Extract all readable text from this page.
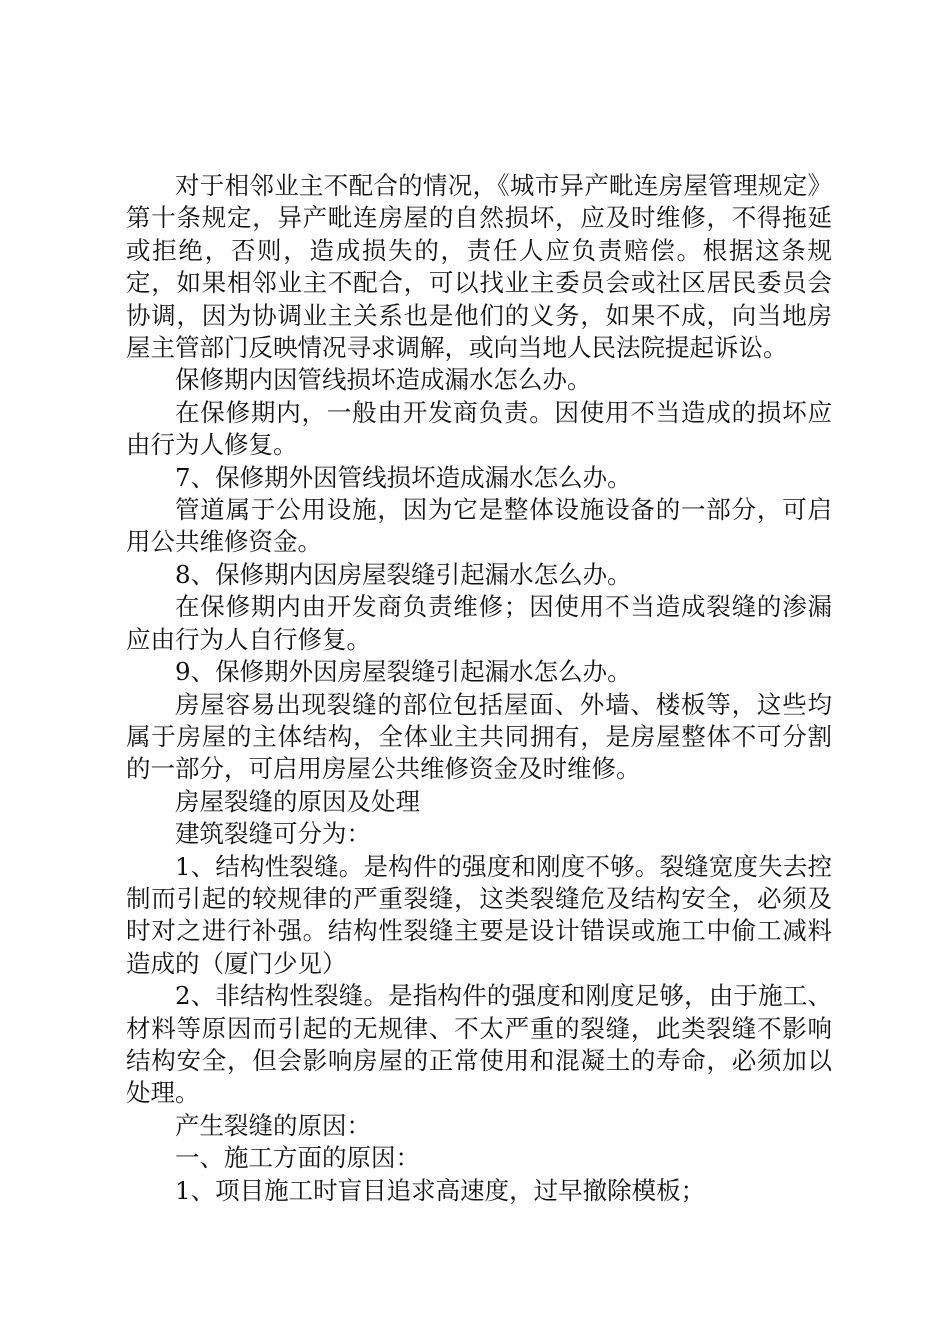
对于相邻业主不配合的情况，《城市异产毗连房屋管理规定》第十条规定，异产毗连房屋的自然损坏，应及时维修，不得拖延或拒绝，否则，造成损失的，责任人应负责赔偿。根据这条规定，如果相邻业主不配合，可以找业主委员会或社区居民委员会协调，因为协调业主关系也是他们的义务，如果不成，向当地房屋主管部门反映情况寻求调解，或向当地人民法院提起诉讼。

保修期内因管线损坏造成漏水怎么办。

在保修期内，一般由开发商负责。因使用不当造成的损坏应由行为人修复。

7、保修期外因管线损坏造成漏水怎么办。

管道属于公用设施，因为它是整体设施设备的一部分，可启用公共维修资金。

8、保修期内因房屋裂缝引起漏水怎么办。

在保修期内由开发商负责维修；因使用不当造成裂缝的渗漏应由行为人自行修复。

9、保修期外因房屋裂缝引起漏水怎么办。

房屋容易出现裂缝的部位包括屋面、外墙、楼板等，这些均属于房屋的主体结构，全体业主共同拥有，是房屋整体不可分割的一部分，可启用房屋公共维修资金及时维修。

房屋裂缝的原因及处理

建筑裂缝可分为：

1、结构性裂缝。是构件的强度和刚度不够。裂缝宽度失去控制而引起的较规律的严重裂缝，这类裂缝危及结构安全，必须及时对之进行补强。结构性裂缝主要是设计错误或施工中偷工减料造成的（厦门少见）

2、非结构性裂缝。是指构件的强度和刚度足够，由于施工、材料等原因而引起的无规律、不太严重的裂缝，此类裂缝不影响结构安全，但会影响房屋的正常使用和混凝土的寿命，必须加以处理。

产生裂缝的原因：

一、施工方面的原因：

1、项目施工时盲目追求高速度，过早撤除模板；
